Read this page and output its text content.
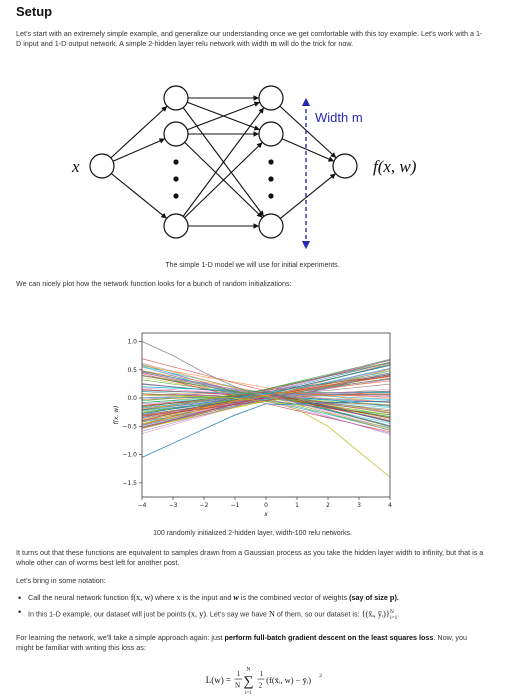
Setup

Let’s start with an extremely simple example, and generalize our understanding once we get comfortable with this toy example. Let’s work with a 1-D input and 1-D output network. A simple 2-hidden layer relu network with width m will do the trick for now.

x	f(x, w)
Width m
The simple 1-D model we will use for initial experiments.

We can nicely plot how the network function looks for a bunch of random initializations:

1.0
0.5
0.0
−0.5
−1.0
−1.5
−4	−3	−2	−1	0	1	2	3	4
x
f(x, w)
100 randomly initialized 2-hidden layer, width-100 relu networks.

It turns out that these functions are equivalent to samples drawn from a Gaussian process as you take the hidden layer width to infinity, but that is a whole other can of worms best left for another post.

Let’s bring in some notation:

• Call the neural network function f(x, w) where x is the input and w is the combined vector of weights (say of size p).
• In this 1-D example, our dataset will just be points (x, y). Let’s say we have N of them, so our dataset is: {(x̄ᵢ, ȳᵢ)}$^N_{i=1}$.

For learning the network, we’ll take a simple approach again: just perform full-batch gradient descent on the least squares loss. Now, you might be familiar with writing this loss as:

L(w) =
1
N
N
∑
i=1
1
2
(f(x̄ᵢ, w) − ȳᵢ) 2
